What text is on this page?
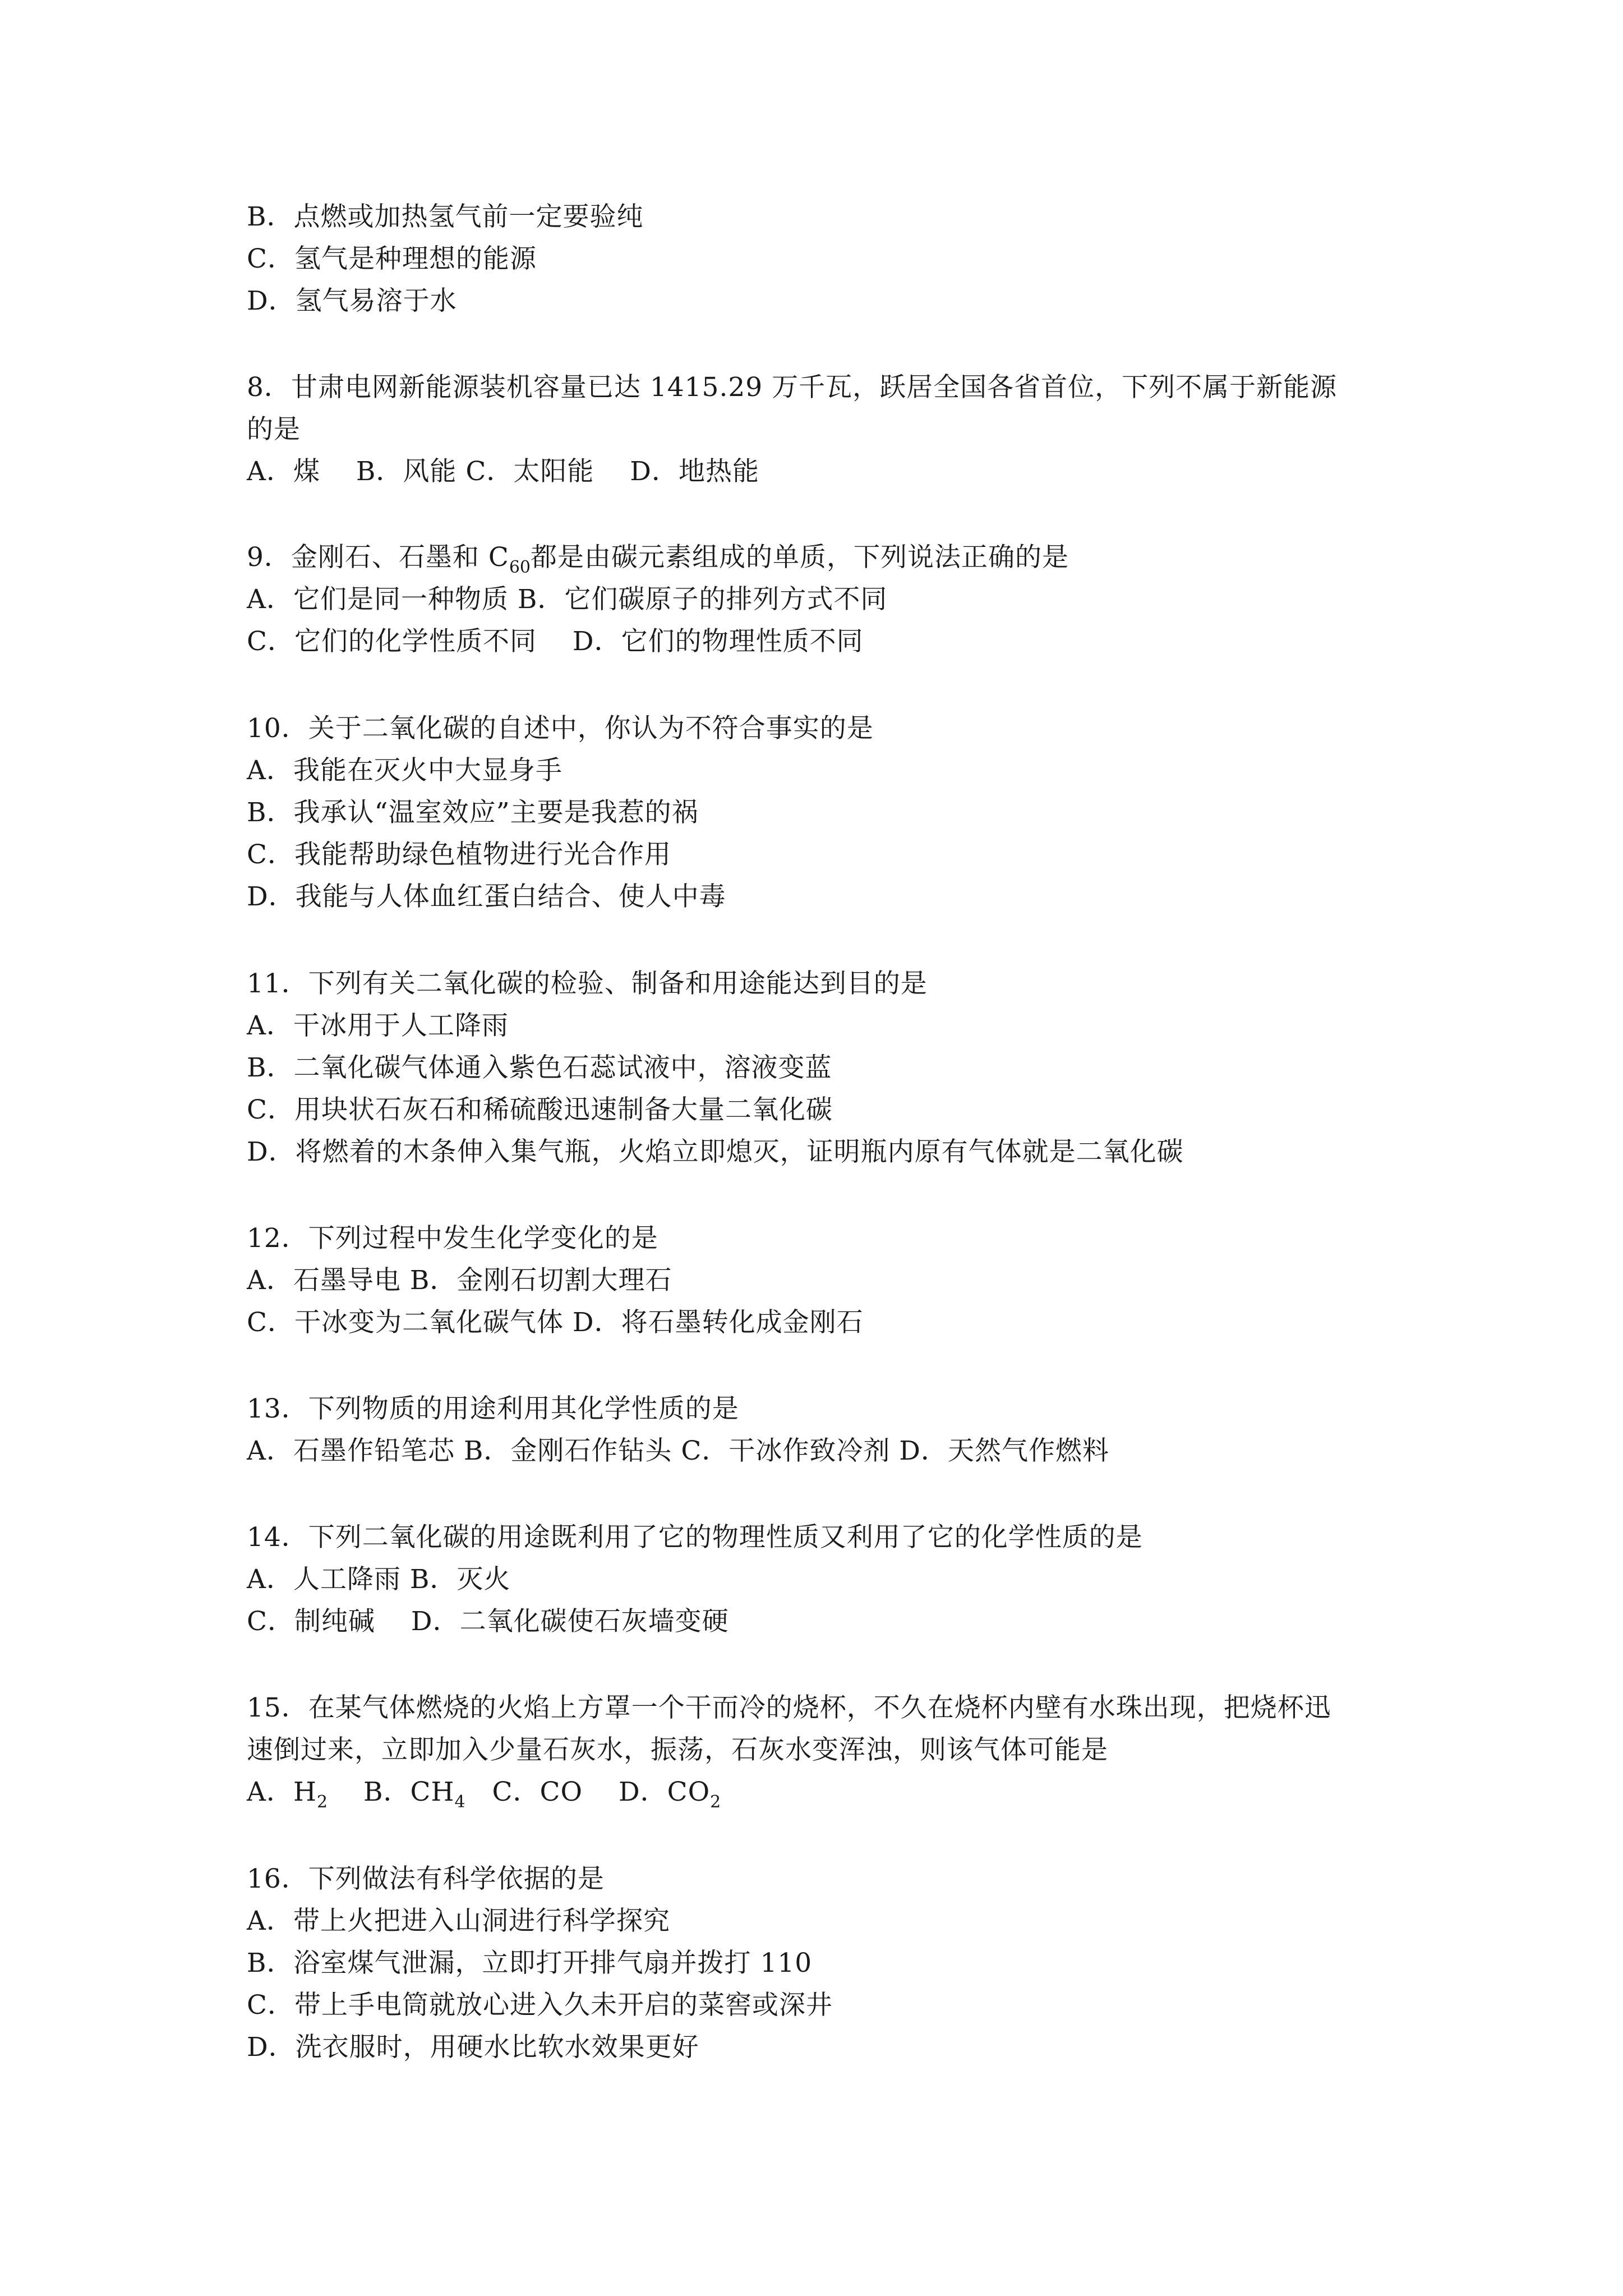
B．点燃或加热氢气前一定要验纯
C．氢气是种理想的能源
D．氢气易溶于水
8．甘肃电网新能源装机容量已达 1415.29 万千瓦，跃居全国各省首位，下列不属于新能源
的是
A．煤　 B．风能 C．太阳能　 D．地热能
9．金刚石、石墨和 $C_{60}$都是由碳元素组成的单质，下列说法正确的是
A．它们是同一种物质 B．它们碳原子的排列方式不同
C．它们的化学性质不同　 D．它们的物理性质不同
10．关于二氧化碳的自述中，你认为不符合事实的是
A．我能在灭火中大显身手
B．我承认“温室效应”主要是我惹的祸
C．我能帮助绿色植物进行光合作用
D．我能与人体血红蛋白结合、使人中毒
11．下列有关二氧化碳的检验、制备和用途能达到目的是
A．干冰用于人工降雨
B．二氧化碳气体通入紫色石蕊试液中，溶液变蓝
C．用块状石灰石和稀硫酸迅速制备大量二氧化碳
D．将燃着的木条伸入集气瓶，火焰立即熄灭，证明瓶内原有气体就是二氧化碳
12．下列过程中发生化学变化的是
A．石墨导电 B．金刚石切割大理石
C．干冰变为二氧化碳气体 D．将石墨转化成金刚石
13．下列物质的用途利用其化学性质的是
A．石墨作铅笔芯 B．金刚石作钻头 C．干冰作致冷剂 D．天然气作燃料
14．下列二氧化碳的用途既利用了它的物理性质又利用了它的化学性质的是
A．人工降雨 B．灭火
C．制纯碱　 D．二氧化碳使石灰墙变硬
15．在某气体燃烧的火焰上方罩一个干而冷的烧杯，不久在烧杯内壁有水珠出现，把烧杯迅
速倒过来，立即加入少量石灰水，振荡，石灰水变浑浊，则该气体可能是
A．$H_2$　 B．$CH_4$　C．CO　 D．$CO_2$
16．下列做法有科学依据的是
A．带上火把进入山洞进行科学探究
B．浴室煤气泄漏，立即打开排气扇并拨打 110
C．带上手电筒就放心进入久未开启的菜窖或深井
D．洗衣服时，用硬水比软水效果更好
